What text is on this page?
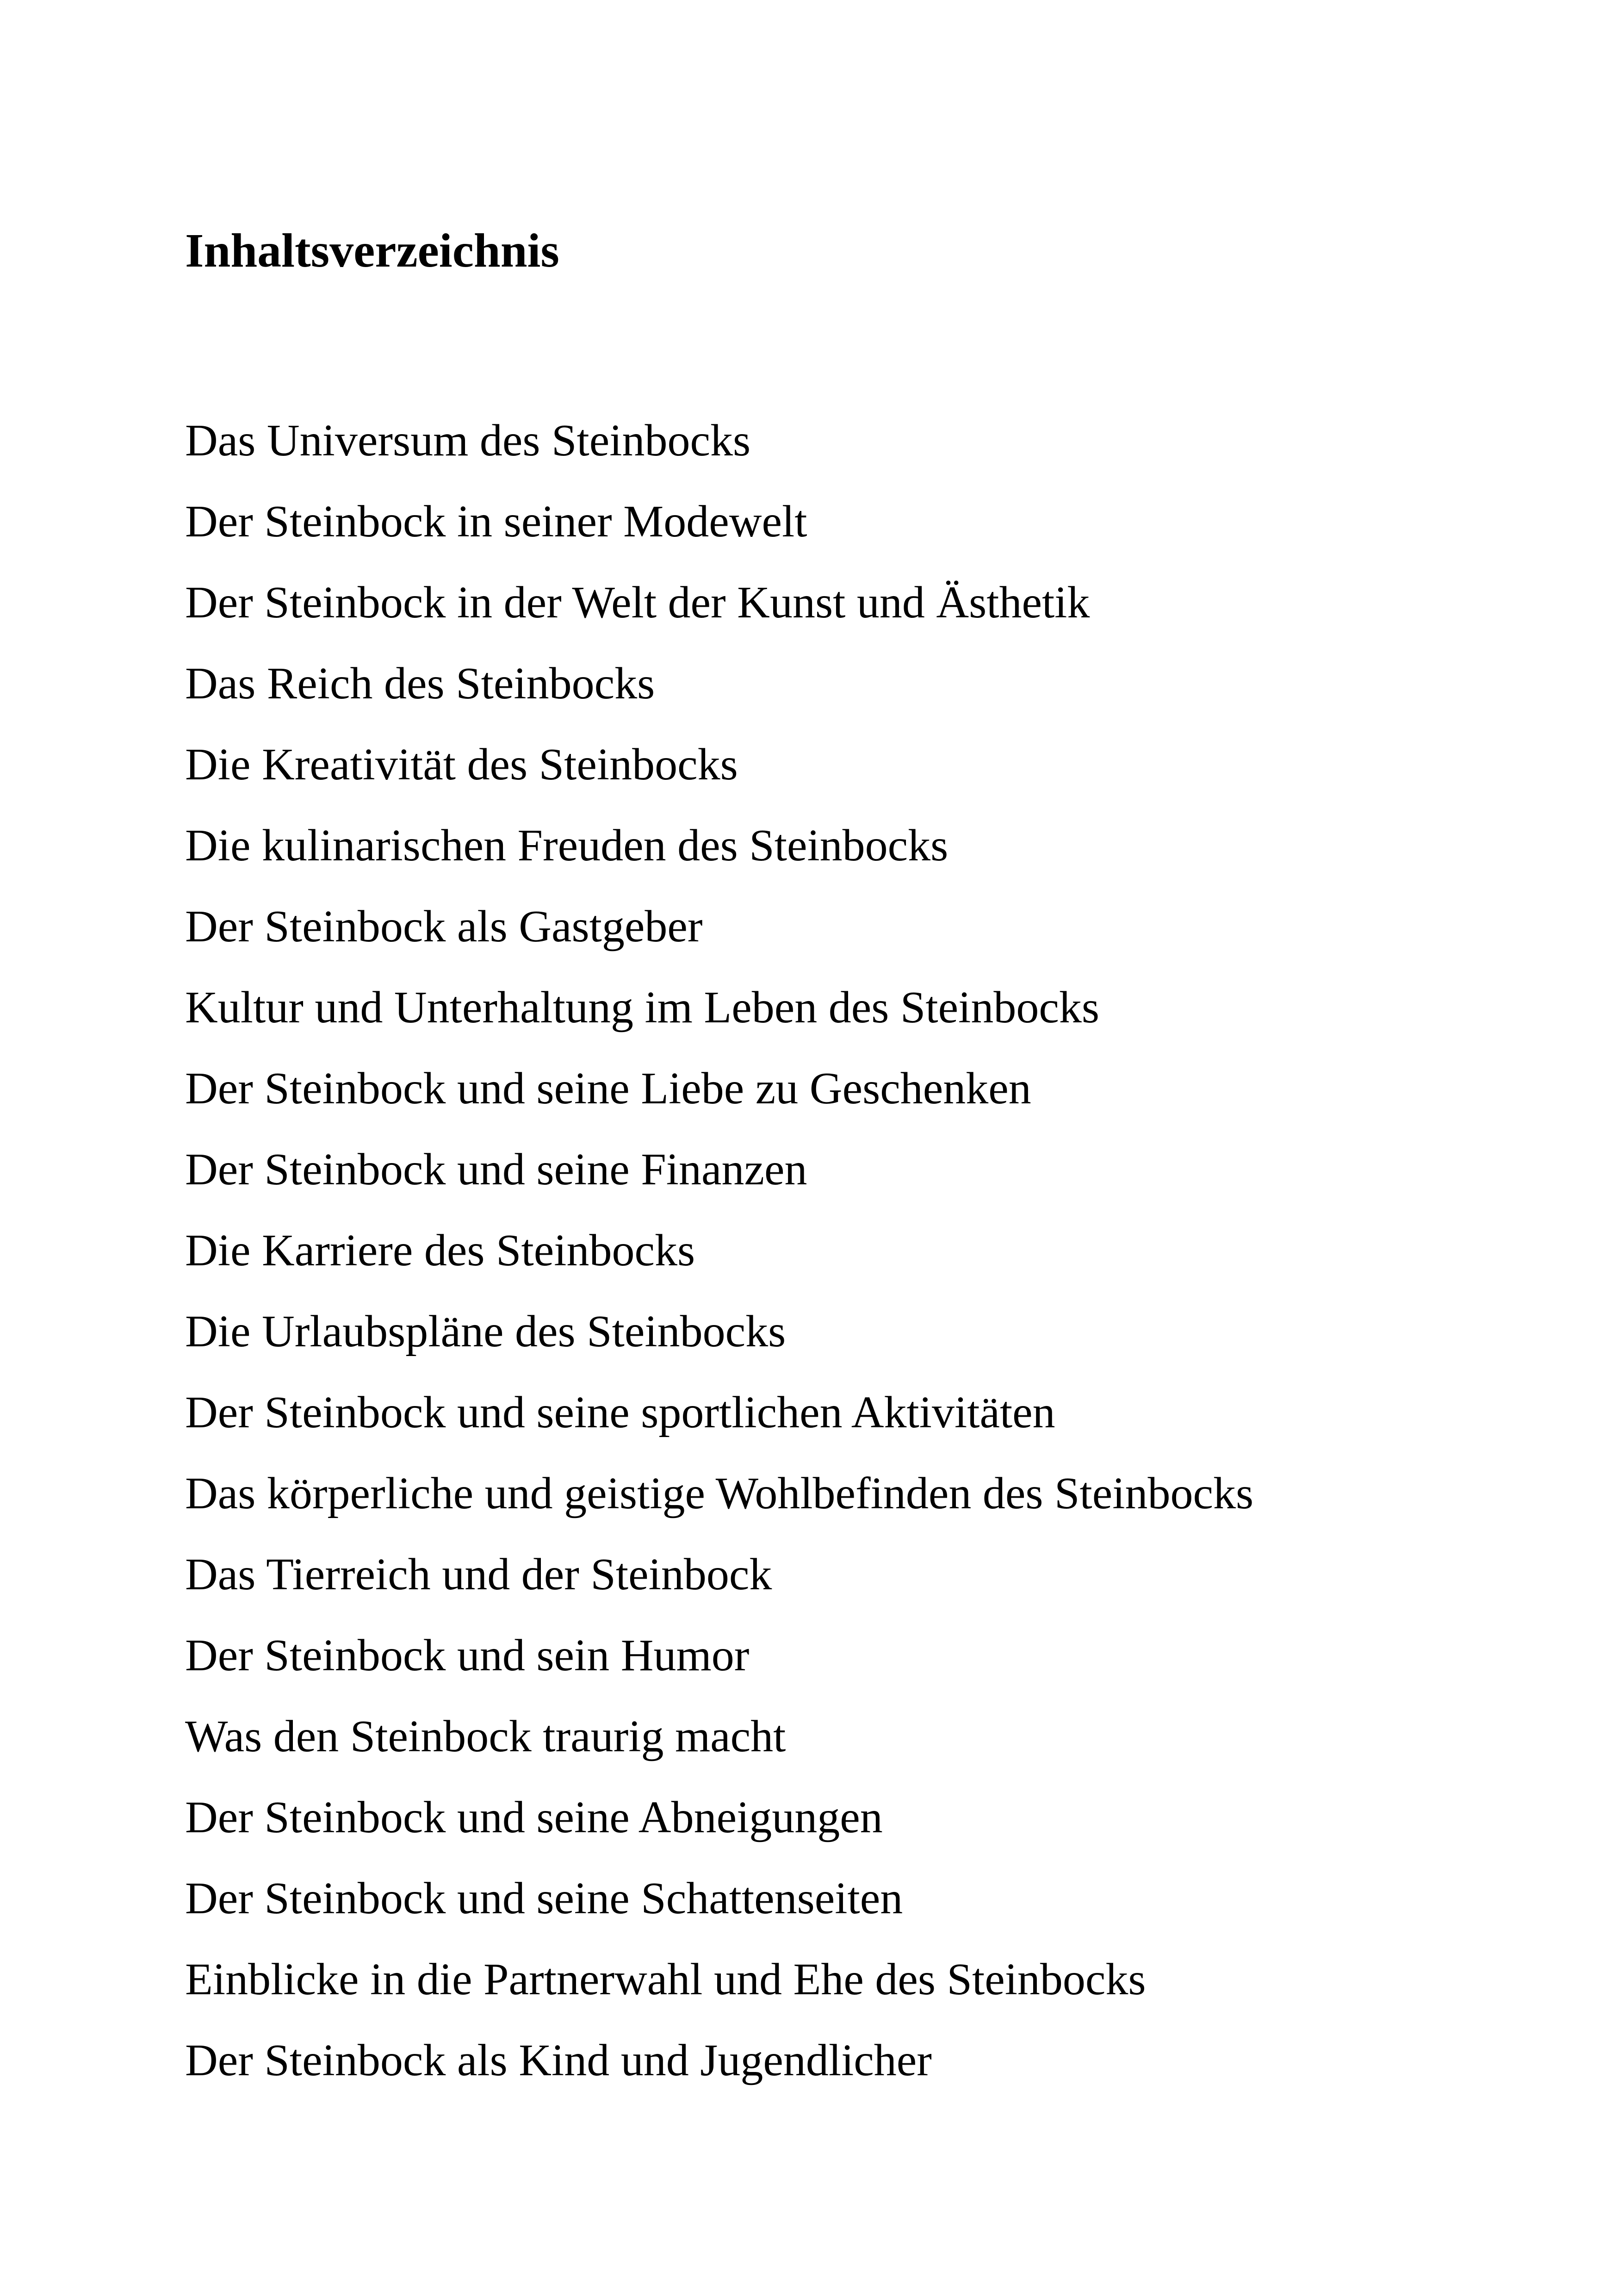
Inhaltsverzeichnis
Das Universum des Steinbocks
Der Steinbock in seiner Modewelt
Der Steinbock in der Welt der Kunst und Ästhetik
Das Reich des Steinbocks
Die Kreativität des Steinbocks
Die kulinarischen Freuden des Steinbocks
Der Steinbock als Gastgeber
Kultur und Unterhaltung im Leben des Steinbocks
Der Steinbock und seine Liebe zu Geschenken
Der Steinbock und seine Finanzen
Die Karriere des Steinbocks
Die Urlaubspläne des Steinbocks
Der Steinbock und seine sportlichen Aktivitäten
Das körperliche und geistige Wohlbefinden des Steinbocks
Das Tierreich und der Steinbock
Der Steinbock und sein Humor
Was den Steinbock traurig macht
Der Steinbock und seine Abneigungen
Der Steinbock und seine Schattenseiten
Einblicke in die Partnerwahl und Ehe des Steinbocks
Der Steinbock als Kind und Jugendlicher
